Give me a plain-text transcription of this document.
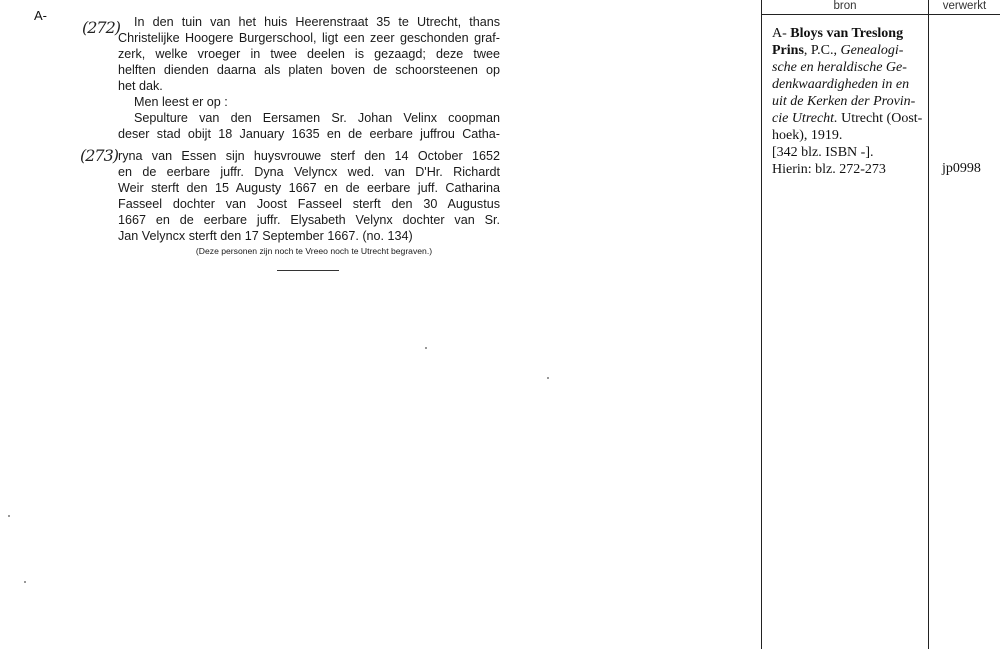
A-
(272)
(273)
In den tuin van het huis Heerenstraat 35 te Utrecht, thans
Christelijke Hoogere Burgerschool, ligt een zeer geschonden graf-
zerk, welke vroeger in twee deelen is gezaagd; deze twee
helften dienden daarna als platen boven de schoorsteenen op
het dak.
Men leest er op :
Sepulture van den Eersamen Sr. Johan Velinx coopman
deser stad obijt 18 January 1635 en de eerbare juffrou Catha-
ryna van Essen sijn huysvrouwe sterf den 14 October 1652
en de eerbare juffr. Dyna Velyncx wed. van D'Hr. Richardt
Weir sterft den 15 Augusty 1667 en de eerbare juff. Catharina
Fasseel dochter van Joost Fasseel sterft den 30 Augustus
1667 en de eerbare juffr. Elysabeth Velynx dochter van Sr.
Jan Velyncx sterft den 17 September 1667. (no. 134)
(Deze personen zijn noch te Vreeo noch te Utrecht begraven.)
bron	verwerkt
A- Bloys van Treslong
Prins, P.C., Genealogi-
sche en heraldische Ge-
denkwaardigheden in en
uit de Kerken der Provin-
cie Utrecht. Utrecht (Oost-
hoek), 1919.
[342 blz. ISBN -].
Hierin: blz. 272-273	jp0998
